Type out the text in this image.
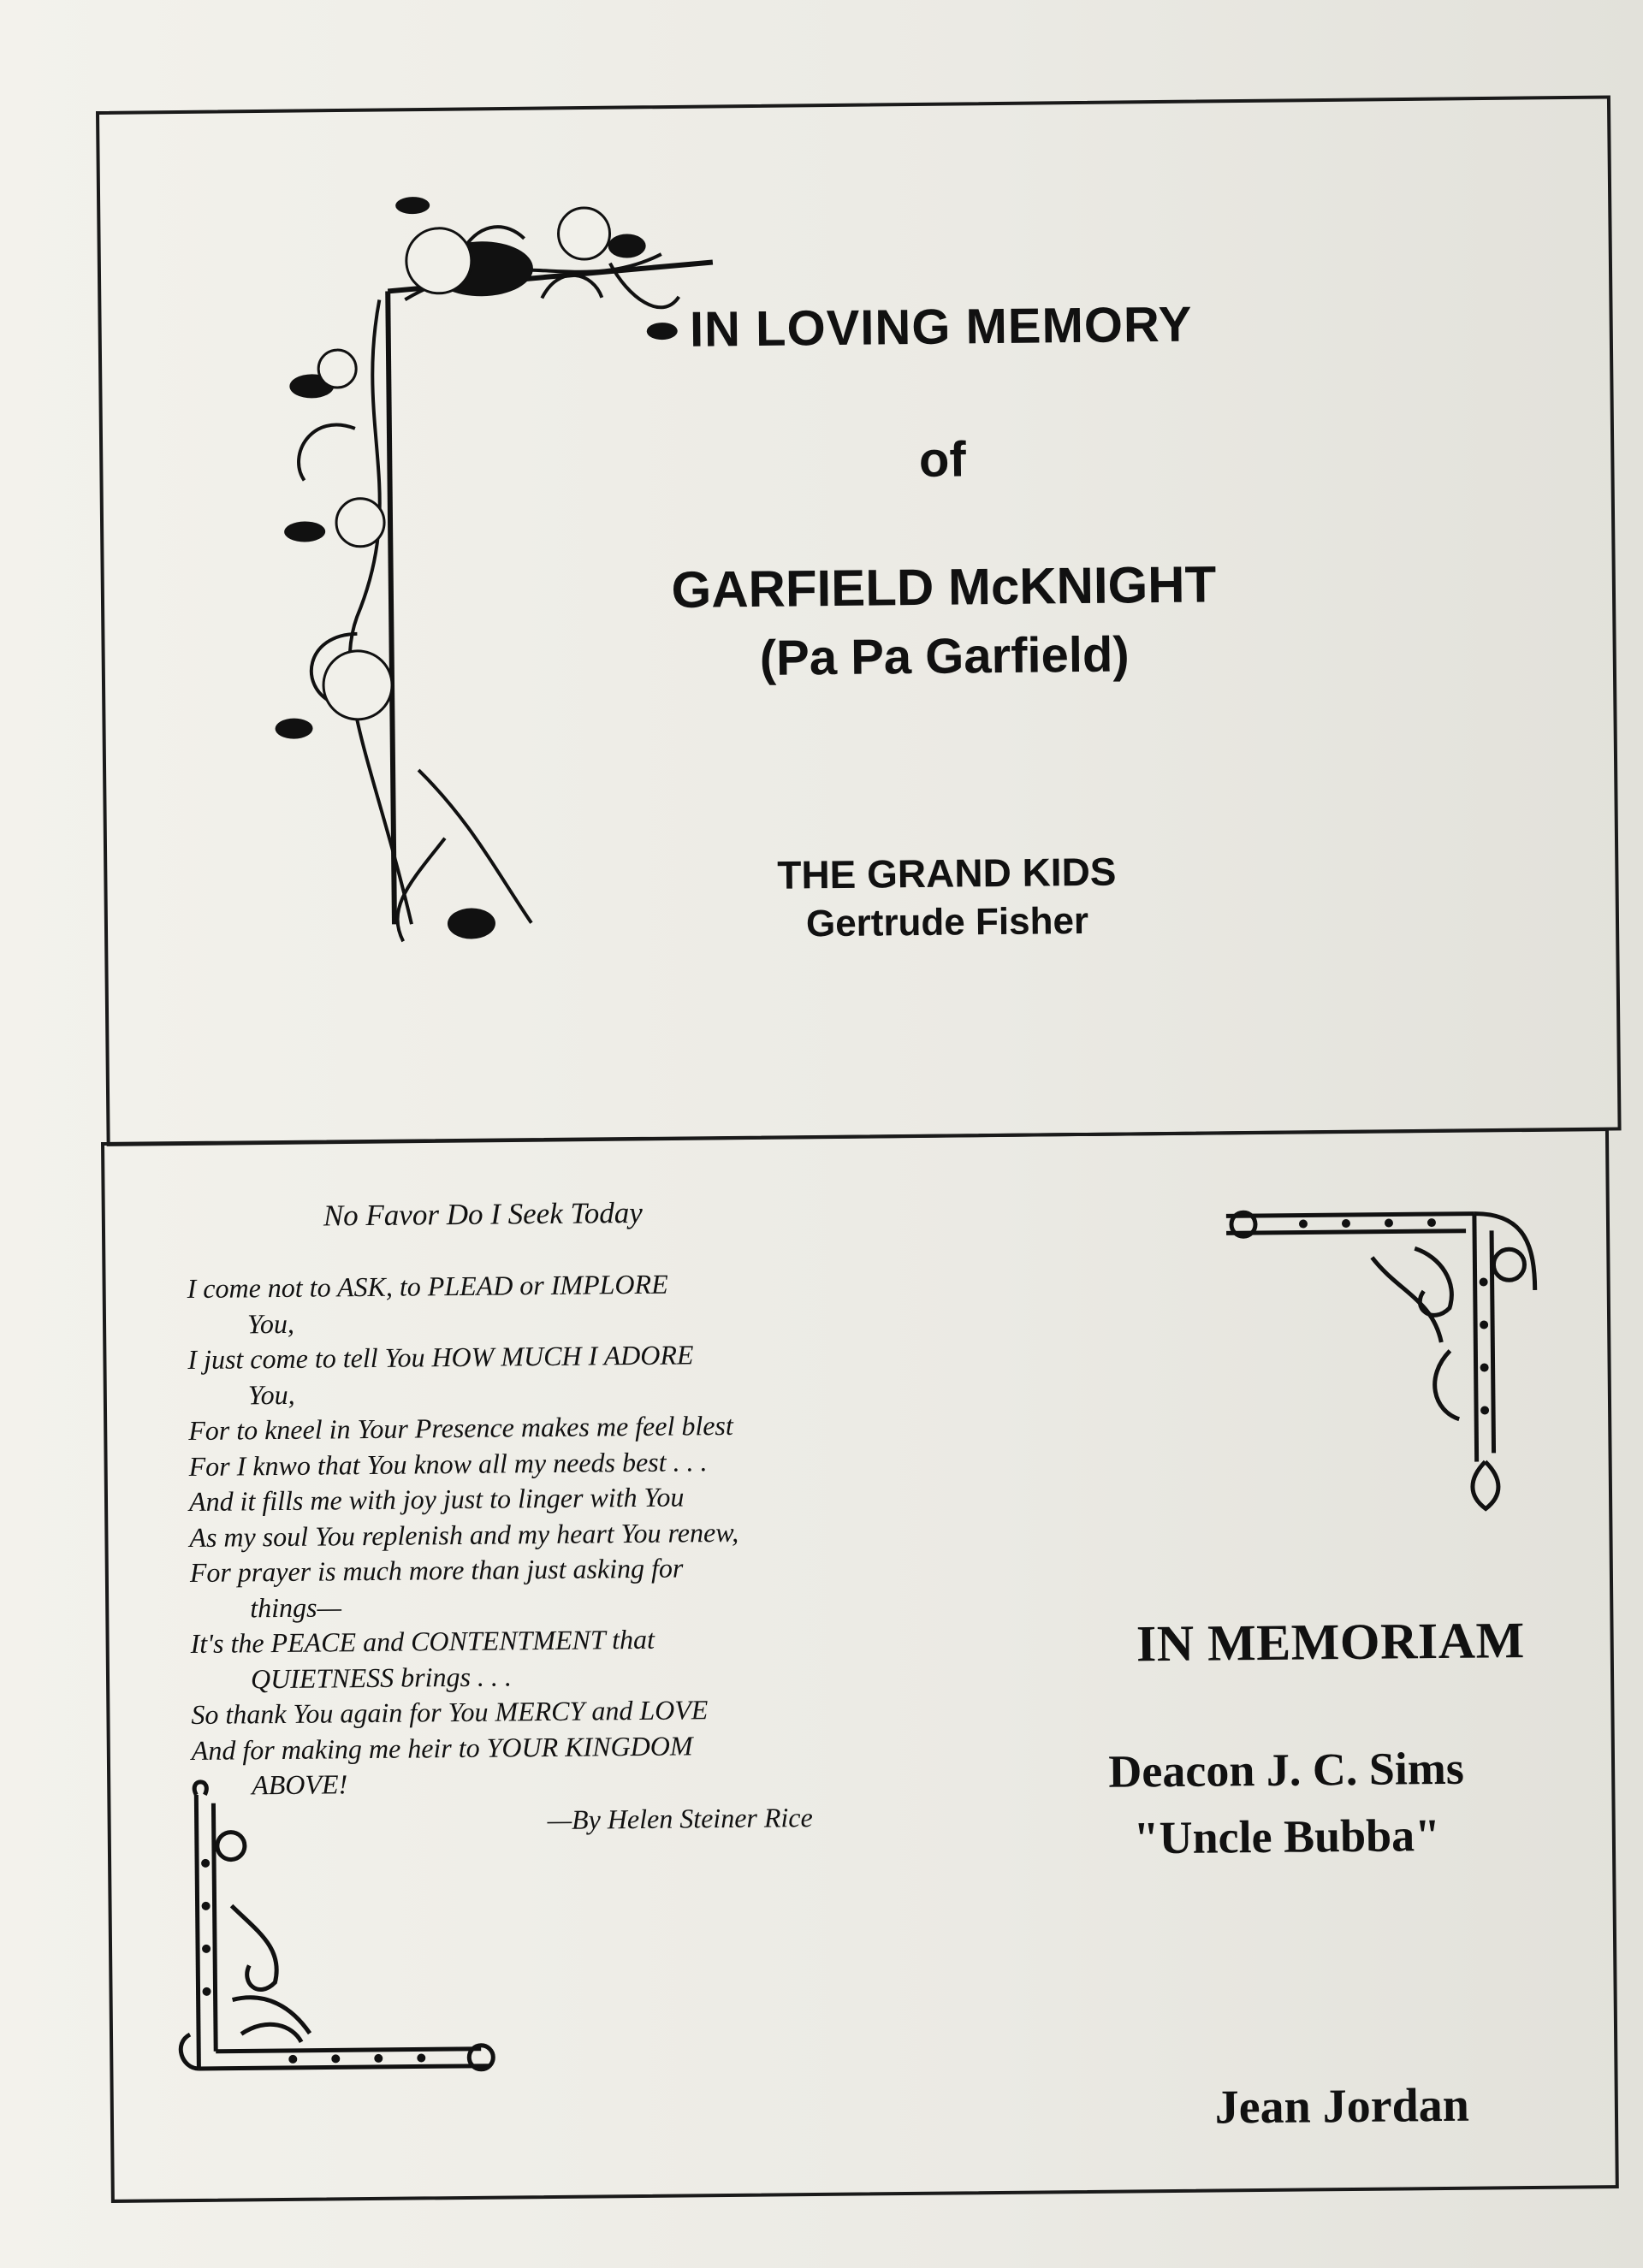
IN LOVING MEMORY
of
GARFIELD McKNIGHT
(Pa Pa Garfield)
THE GRAND KIDS
Gertrude Fisher
No Favor Do I Seek Today
I come not to ASK, to PLEAD or IMPLORE
You,
I just come to tell You HOW MUCH I ADORE
You,
For to kneel in Your Presence makes me feel blest
For I knwo that You know all my needs best . . .
And it fills me with joy just to linger with You
As my soul You replenish and my heart You renew,
For prayer is much more than just asking for
things—
It's the PEACE and CONTENTMENT that
QUIETNESS brings . . .
So thank You again for You MERCY and LOVE
And for making me heir to YOUR KINGDOM
ABOVE!
—By Helen Steiner Rice
IN MEMORIAM
Deacon J. C. Sims
"Uncle Bubba"
Jean Jordan
